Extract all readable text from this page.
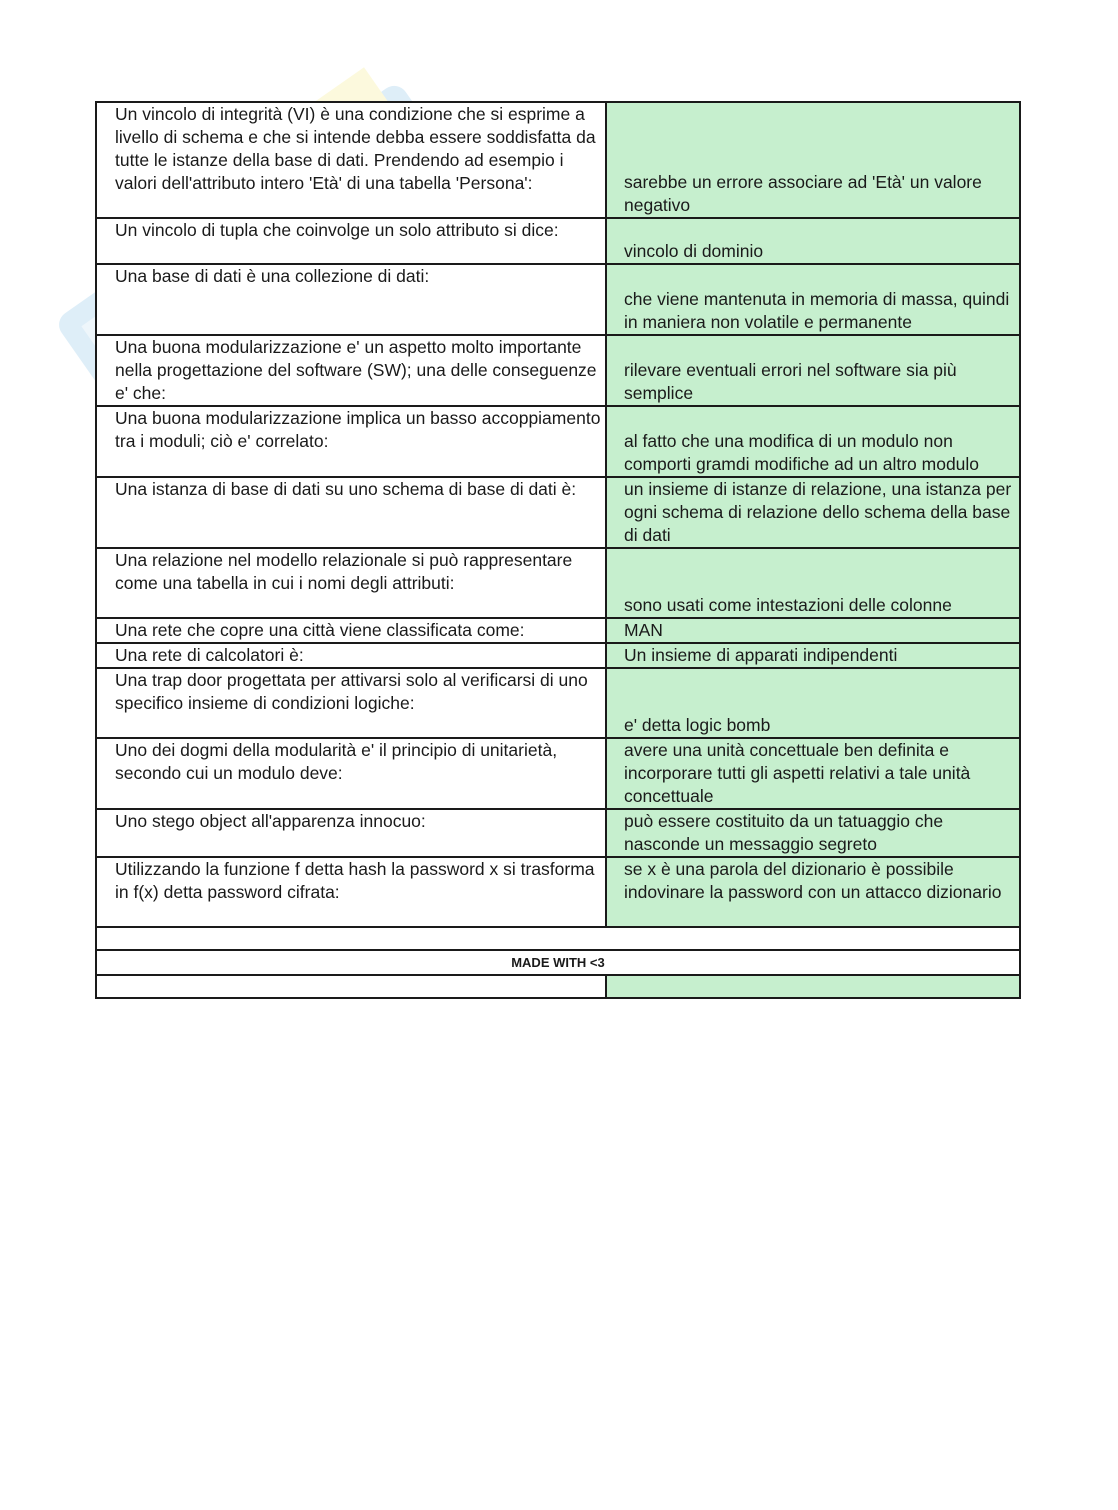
Un vincolo di integrità (VI) è una condizione che si esprime a livello di schema e che si intende debba essere soddisfatta da tutte le istanze della base di dati. Prendendo ad esempio i valori dell'attributo intero 'Età' di una tabella 'Persona':	sarebbe un errore associare ad 'Età' un valore negativo
Un vincolo di tupla che coinvolge un solo attributo si dice:	vincolo di dominio
Una base di dati è una collezione di dati:	che viene mantenuta in memoria di massa, quindi in maniera non volatile e permanente
Una buona modularizzazione e' un aspetto molto importante nella progettazione del software (SW); una delle conseguenze e' che:	rilevare eventuali errori nel software sia più semplice
Una buona modularizzazione implica un basso accoppiamento tra i moduli; ciò e' correlato:	al fatto che una modifica di un modulo non comporti gramdi modifiche ad un altro modulo
Una istanza di base di dati su uno schema di base di dati è:	un insieme di istanze di relazione, una istanza per ogni schema di relazione dello schema della base di dati
Una relazione nel modello relazionale si può rappresentare come una tabella in cui i nomi degli attributi:	sono usati come intestazioni delle colonne
Una rete che copre una città viene classificata come:	MAN
Una rete di calcolatori è:	Un insieme di apparati indipendenti
Una trap door progettata per attivarsi solo al verificarsi di uno specifico insieme di condizioni logiche:	e' detta logic bomb
Uno dei dogmi della modularità e' il principio di unitarietà, secondo cui un modulo deve:	avere una unità concettuale ben definita e incorporare tutti gli aspetti relativi a tale unità concettuale
Uno stego object all'apparenza innocuo:	può essere costituito da un tatuaggio che nasconde un messaggio segreto
Utilizzando la funzione f detta hash la password x si trasforma in f(x) detta password cifrata:	se x è una parola del dizionario è possibile indovinare la password con un attacco dizionario

MADE WITH <3	
